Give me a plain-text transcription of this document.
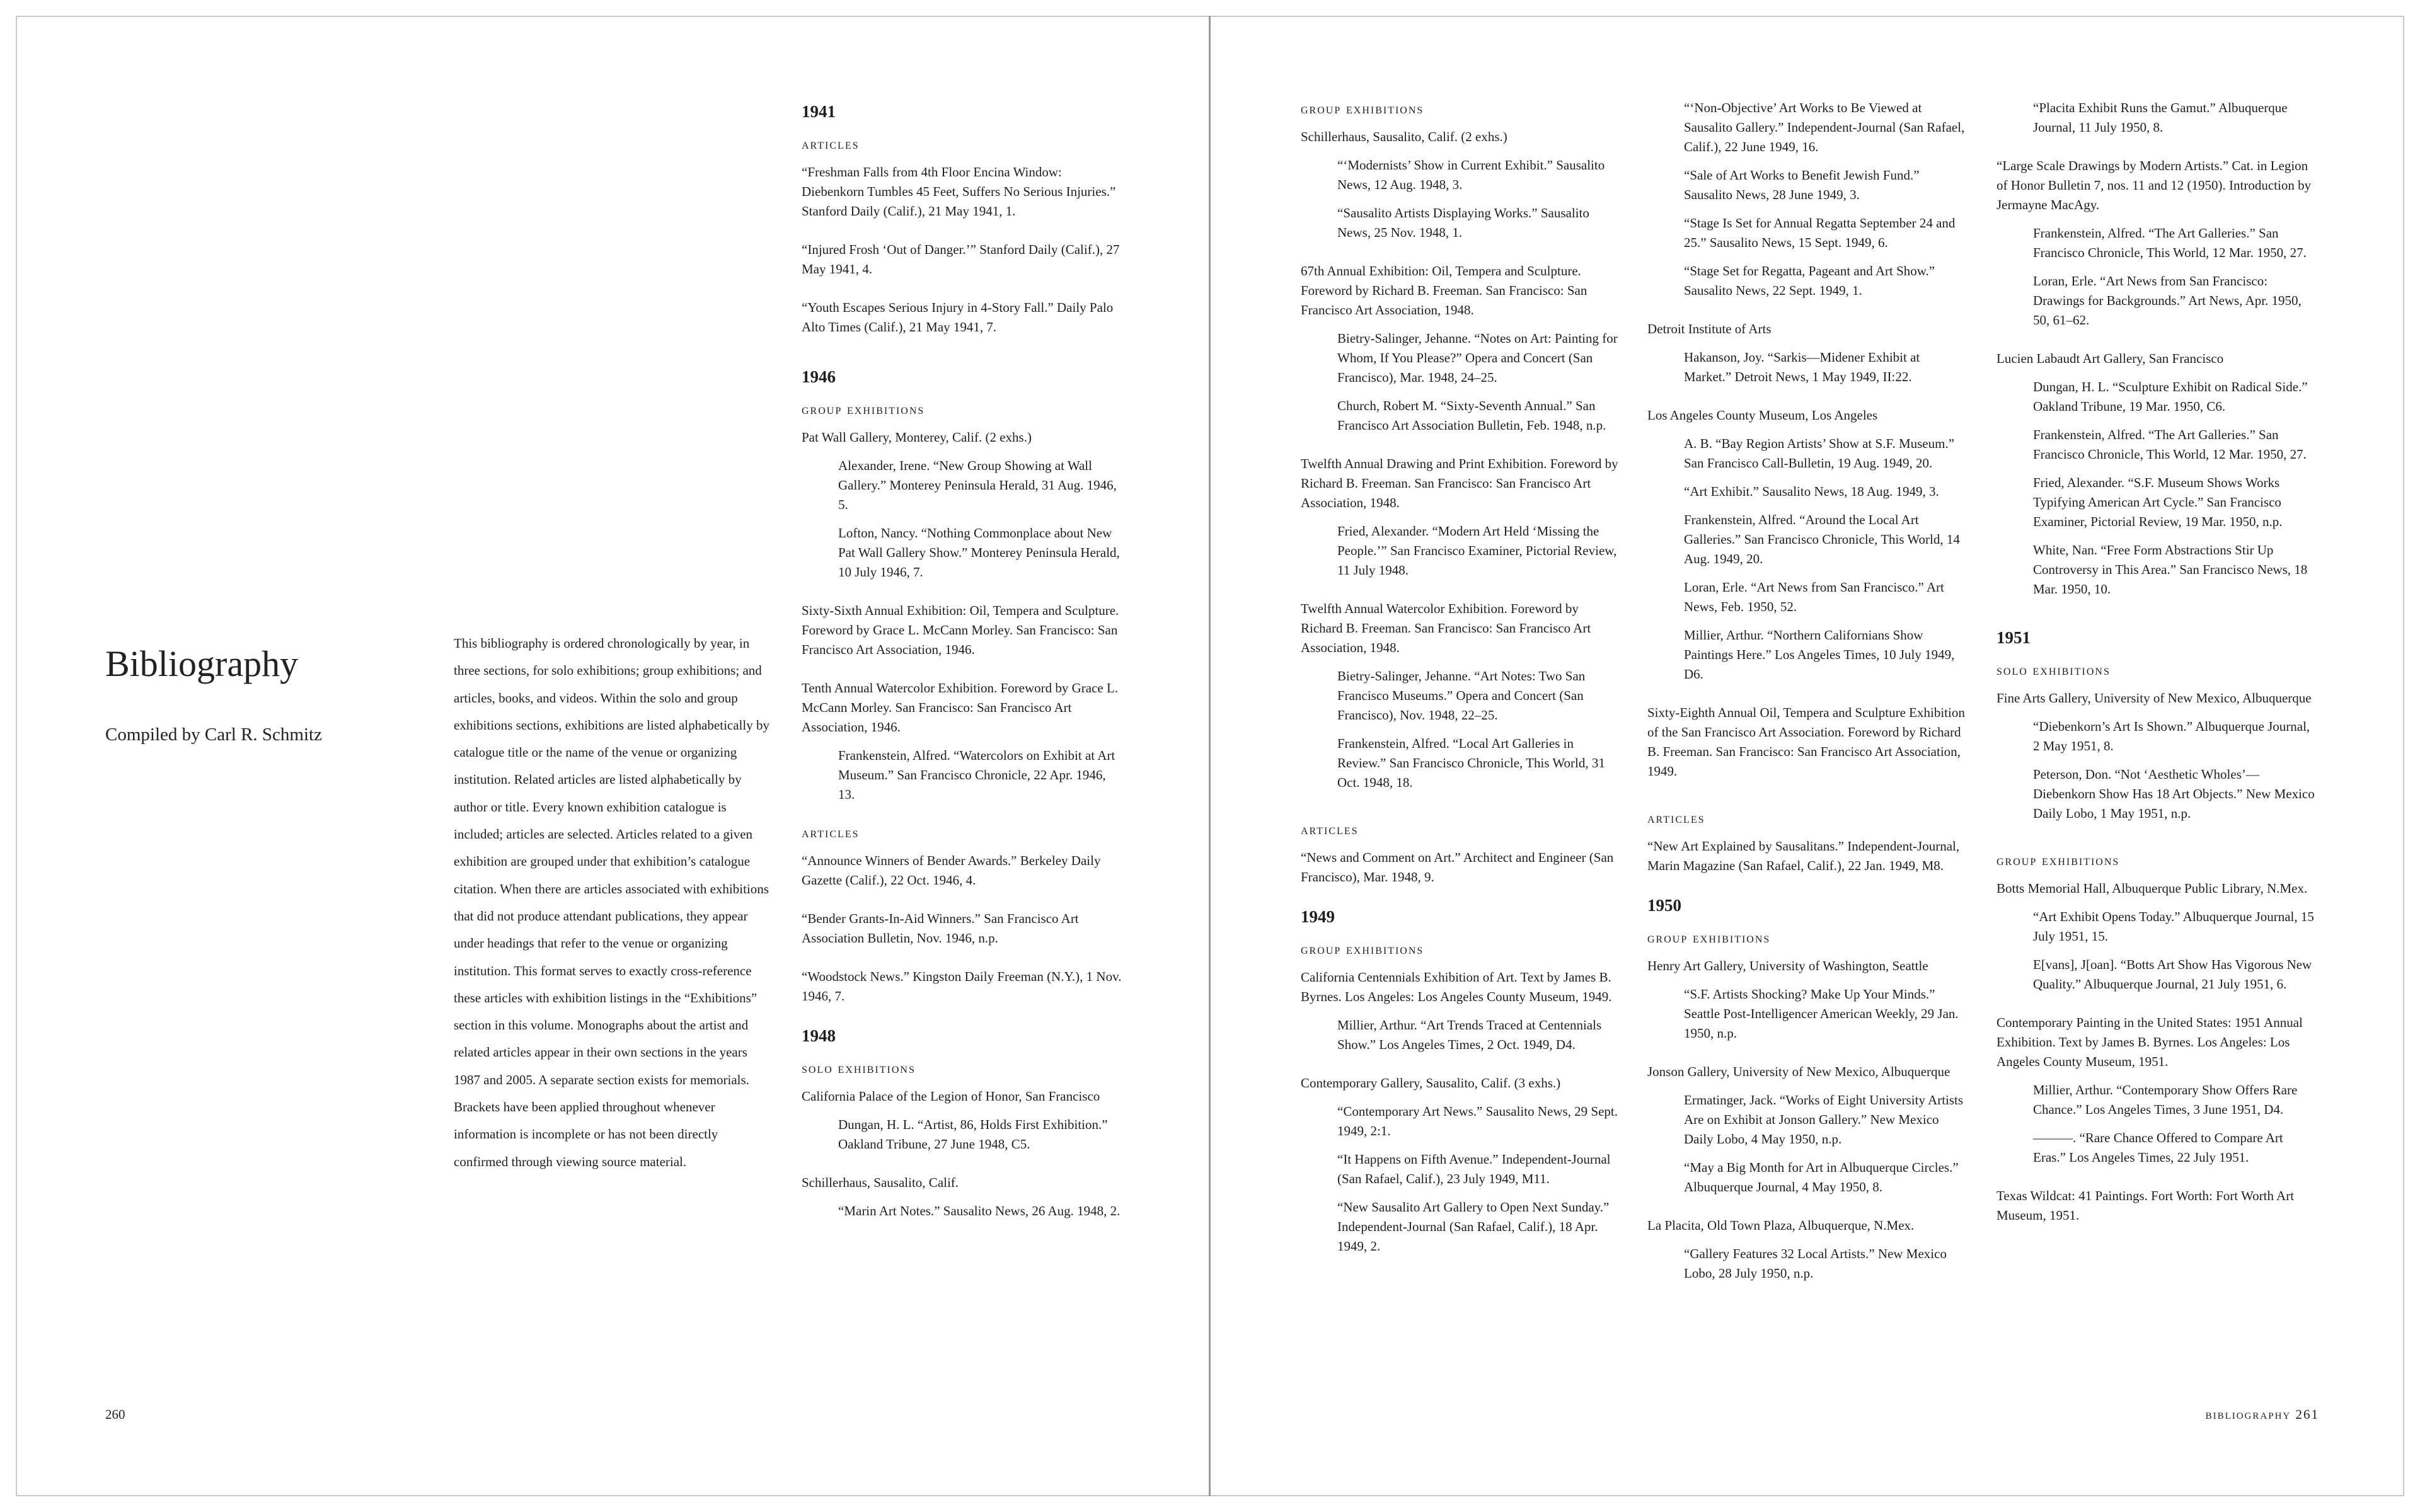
Bibliography

Compiled by Carl R. Schmitz

This bibliography is ordered chronologically by year, in three sections, for solo exhibitions; group exhibitions; and articles, books, and videos. Within the solo and group exhibitions sections, exhibitions are listed alphabetically by catalogue title or the name of the venue or organizing institution. Related articles are listed alphabetically by author or title. Every known exhibition catalogue is included; articles are selected. Articles related to a given exhibition are grouped under that exhibition’s catalogue citation. When there are articles associated with exhibitions that did not produce attendant publications, they appear under headings that refer to the venue or organizing institution. This format serves to exactly cross-reference these articles with exhibition listings in the “Exhibitions” section in this volume. Monographs about the artist and related articles appear in their own sections in the years 1987 and 2005. A separate section exists for memorials. Brackets have been applied throughout whenever information is incomplete or has not been directly confirmed through viewing source material.

1941
articles
“Freshman Falls from 4th Floor Encina Window: Diebenkorn Tumbles 45 Feet, Suffers No Serious Injuries.” Stanford Daily (Calif.), 21 May 1941, 1.
“Injured Frosh ‘Out of Danger.’” Stanford Daily (Calif.), 27 May 1941, 4.
“Youth Escapes Serious Injury in 4-Story Fall.” Daily Palo Alto Times (Calif.), 21 May 1941, 7.
1946
group exhibitions
Pat Wall Gallery, Monterey, Calif. (2 exhs.)
Alexander, Irene. “New Group Showing at Wall Gallery.” Monterey Peninsula Herald, 31 Aug. 1946, 5.
Lofton, Nancy. “Nothing Commonplace about New Pat Wall Gallery Show.” Monterey Peninsula Herald, 10 July 1946, 7.
Sixty-Sixth Annual Exhibition: Oil, Tempera and Sculpture. Foreword by Grace L. McCann Morley. San Francisco: San Francisco Art Association, 1946.
Tenth Annual Watercolor Exhibition. Foreword by Grace L. McCann Morley. San Francisco: San Francisco Art Association, 1946.
Frankenstein, Alfred. “Watercolors on Exhibit at Art Museum.” San Francisco Chronicle, 22 Apr. 1946, 13.
articles
“Announce Winners of Bender Awards.” Berkeley Daily Gazette (Calif.), 22 Oct. 1946, 4.
“Bender Grants-In-Aid Winners.” San Francisco Art Association Bulletin, Nov. 1946, n.p.
“Woodstock News.” Kingston Daily Freeman (N.Y.), 1 Nov. 1946, 7.
1948
solo exhibitions
California Palace of the Legion of Honor, San Francisco
Dungan, H. L. “Artist, 86, Holds First Exhibition.” Oakland Tribune, 27 June 1948, C5.
Schillerhaus, Sausalito, Calif.
“Marin Art Notes.” Sausalito News, 26 Aug. 1948, 2.
group exhibitions
Schillerhaus, Sausalito, Calif. (2 exhs.)
“‘Modernists’ Show in Current Exhibit.” Sausalito News, 12 Aug. 1948, 3.
“Sausalito Artists Displaying Works.” Sausalito News, 25 Nov. 1948, 1.
67th Annual Exhibition: Oil, Tempera and Sculpture. Foreword by Richard B. Freeman. San Francisco: San Francisco Art Association, 1948.
Bietry-Salinger, Jehanne. “Notes on Art: Painting for Whom, If You Please?” Opera and Concert (San Francisco), Mar. 1948, 24–25.
Church, Robert M. “Sixty-Seventh Annual.” San Francisco Art Association Bulletin, Feb. 1948, n.p.
Twelfth Annual Drawing and Print Exhibition. Foreword by Richard B. Freeman. San Francisco: San Francisco Art Association, 1948.
Fried, Alexander. “Modern Art Held ‘Missing the People.’” San Francisco Examiner, Pictorial Review, 11 July 1948.
Twelfth Annual Watercolor Exhibition. Foreword by Richard B. Freeman. San Francisco: San Francisco Art Association, 1948.
Bietry-Salinger, Jehanne. “Art Notes: Two San Francisco Museums.” Opera and Concert (San Francisco), Nov. 1948, 22–25.
Frankenstein, Alfred. “Local Art Galleries in Review.” San Francisco Chronicle, This World, 31 Oct. 1948, 18.
articles
“News and Comment on Art.” Architect and Engineer (San Francisco), Mar. 1948, 9.
1949
group exhibitions
California Centennials Exhibition of Art. Text by James B. Byrnes. Los Angeles: Los Angeles County Museum, 1949.
Millier, Arthur. “Art Trends Traced at Centennials Show.” Los Angeles Times, 2 Oct. 1949, D4.
Contemporary Gallery, Sausalito, Calif. (3 exhs.)
“Contemporary Art News.” Sausalito News, 29 Sept. 1949, 2:1.
“It Happens on Fifth Avenue.” Independent-Journal (San Rafael, Calif.), 23 July 1949, M11.
“New Sausalito Art Gallery to Open Next Sunday.” Independent-Journal (San Rafael, Calif.), 18 Apr. 1949, 2.
“‘Non-Objective’ Art Works to Be Viewed at Sausalito Gallery.” Independent-Journal (San Rafael, Calif.), 22 June 1949, 16.
“Sale of Art Works to Benefit Jewish Fund.” Sausalito News, 28 June 1949, 3.
“Stage Is Set for Annual Regatta September 24 and 25.” Sausalito News, 15 Sept. 1949, 6.
“Stage Set for Regatta, Pageant and Art Show.” Sausalito News, 22 Sept. 1949, 1.
Detroit Institute of Arts
Hakanson, Joy. “Sarkis—Midener Exhibit at Market.” Detroit News, 1 May 1949, II:22.
Los Angeles County Museum, Los Angeles
A. B. “Bay Region Artists’ Show at S.F. Museum.” San Francisco Call-Bulletin, 19 Aug. 1949, 20.
“Art Exhibit.” Sausalito News, 18 Aug. 1949, 3.
Frankenstein, Alfred. “Around the Local Art Galleries.” San Francisco Chronicle, This World, 14 Aug. 1949, 20.
Loran, Erle. “Art News from San Francisco.” Art News, Feb. 1950, 52.
Millier, Arthur. “Northern Californians Show Paintings Here.” Los Angeles Times, 10 July 1949, D6.
Sixty-Eighth Annual Oil, Tempera and Sculpture Exhibition of the San Francisco Art Association. Foreword by Richard B. Freeman. San Francisco: San Francisco Art Association, 1949.
articles
“New Art Explained by Sausalitans.” Independent-Journal, Marin Magazine (San Rafael, Calif.), 22 Jan. 1949, M8.
1950
group exhibitions
Henry Art Gallery, University of Washington, Seattle
“S.F. Artists Shocking? Make Up Your Minds.” Seattle Post-Intelligencer American Weekly, 29 Jan. 1950, n.p.
Jonson Gallery, University of New Mexico, Albuquerque
Ermatinger, Jack. “Works of Eight University Artists Are on Exhibit at Jonson Gallery.” New Mexico Daily Lobo, 4 May 1950, n.p.
“May a Big Month for Art in Albuquerque Circles.” Albuquerque Journal, 4 May 1950, 8.
La Placita, Old Town Plaza, Albuquerque, N.Mex.
“Gallery Features 32 Local Artists.” New Mexico Lobo, 28 July 1950, n.p.
“Placita Exhibit Runs the Gamut.” Albuquerque Journal, 11 July 1950, 8.
“Large Scale Drawings by Modern Artists.” Cat. in Legion of Honor Bulletin 7, nos. 11 and 12 (1950). Introduction by Jermayne MacAgy.
Frankenstein, Alfred. “The Art Galleries.” San Francisco Chronicle, This World, 12 Mar. 1950, 27.
Loran, Erle. “Art News from San Francisco: Drawings for Backgrounds.” Art News, Apr. 1950, 50, 61–62.
Lucien Labaudt Art Gallery, San Francisco
Dungan, H. L. “Sculpture Exhibit on Radical Side.” Oakland Tribune, 19 Mar. 1950, C6.
Frankenstein, Alfred. “The Art Galleries.” San Francisco Chronicle, This World, 12 Mar. 1950, 27.
Fried, Alexander. “S.F. Museum Shows Works Typifying American Art Cycle.” San Francisco Examiner, Pictorial Review, 19 Mar. 1950, n.p.
White, Nan. “Free Form Abstractions Stir Up Controversy in This Area.” San Francisco News, 18 Mar. 1950, 10.
1951
solo exhibitions
Fine Arts Gallery, University of New Mexico, Albuquerque
“Diebenkorn’s Art Is Shown.” Albuquerque Journal, 2 May 1951, 8.
Peterson, Don. “Not ‘Aesthetic Wholes’— Diebenkorn Show Has 18 Art Objects.” New Mexico Daily Lobo, 1 May 1951, n.p.
group exhibitions
Botts Memorial Hall, Albuquerque Public Library, N.Mex.
“Art Exhibit Opens Today.” Albuquerque Journal, 15 July 1951, 15.
E[vans], J[oan]. “Botts Art Show Has Vigorous New Quality.” Albuquerque Journal, 21 July 1951, 6.
Contemporary Painting in the United States: 1951 Annual Exhibition. Text by James B. Byrnes. Los Angeles: Los Angeles County Museum, 1951.
Millier, Arthur. “Contemporary Show Offers Rare Chance.” Los Angeles Times, 3 June 1951, D4.
———. “Rare Chance Offered to Compare Art Eras.” Los Angeles Times, 22 July 1951.
Texas Wildcat: 41 Paintings. Fort Worth: Fort Worth Art Museum, 1951.
260	bibliography 261
